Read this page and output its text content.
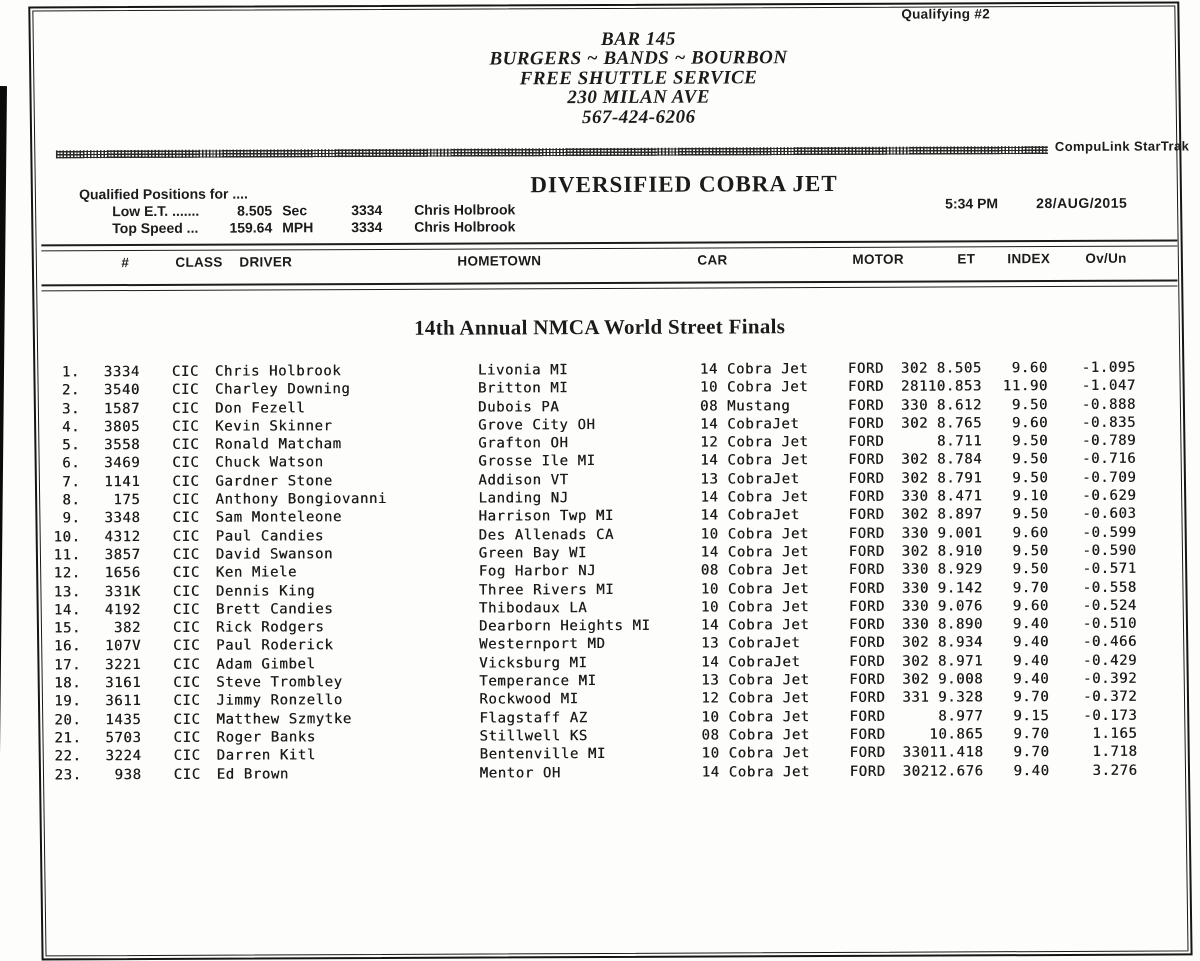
Qualifying #2
BAR 145
BURGERS ~ BANDS ~ BOURBON
FREE SHUTTLE SERVICE
230 MILAN AVE
567-424-6206
CompuLink StarTrak
Qualified Positions for ....
Low E.T. .......	8.505 Sec	3334 Chris Holbrook
Top Speed ...	159.64 MPH	3334 Chris Holbrook
DIVERSIFIED COBRA JET
5:34 PM	28/AUG/2015
#	CLASS DRIVER	HOMETOWN	CAR	MOTOR	ET INDEX	Ov/Un
14th Annual NMCA World Street Finals
1.	3334 CIC Chris Holbrook	Livonia MI	14 Cobra Jet	FORD 302 8.505	9.60	-1.095
2.	3540 CIC Charley Downing	Britton MI	10 Cobra Jet	FORD 281 10.853	11.90	-1.047
3.	1587 CIC Don Fezell	Dubois PA	08 Mustang	FORD 330 8.612	9.50	-0.888
4.	3805 CIC Kevin Skinner	Grove City OH	14 CobraJet	FORD 302 8.765	9.60	-0.835
5.	3558 CIC Ronald Matcham	Grafton OH	12 Cobra Jet	FORD	8.711	9.50	-0.789
6.	3469 CIC Chuck Watson	Grosse Ile MI	14 Cobra Jet	FORD 302 8.784	9.50	-0.716
7.	1141 CIC Gardner Stone	Addison VT	13 CobraJet	FORD 302 8.791	9.50	-0.709
8.	175 CIC Anthony Bongiovanni	Landing NJ	14 Cobra Jet	FORD 330 8.471	9.10	-0.629
9.	3348 CIC Sam Monteleone	Harrison Twp MI	14 CobraJet	FORD 302 8.897	9.50	-0.603
10.	4312 CIC Paul Candies	Des Allenads CA	10 Cobra Jet	FORD 330 9.001	9.60	-0.599
11.	3857 CIC David Swanson	Green Bay WI	14 Cobra Jet	FORD 302 8.910	9.50	-0.590
12.	1656 CIC Ken Miele	Fog Harbor NJ	08 Cobra Jet	FORD 330 8.929	9.50	-0.571
13.	331K CIC Dennis King	Three Rivers MI	10 Cobra Jet	FORD 330 9.142	9.70	-0.558
14.	4192 CIC Brett Candies	Thibodaux LA	10 Cobra Jet	FORD 330 9.076	9.60	-0.524
15.	382 CIC Rick Rodgers	Dearborn Heights MI	14 Cobra Jet	FORD 330 8.890	9.40	-0.510
16.	107V CIC Paul Roderick	Westernport MD	13 CobraJet	FORD 302 8.934	9.40	-0.466
17.	3221 CIC Adam Gimbel	Vicksburg MI	14 CobraJet	FORD 302 8.971	9.40	-0.429
18.	3161 CIC Steve Trombley	Temperance MI	13 Cobra Jet	FORD 302 9.008	9.40	-0.392
19.	3611 CIC Jimmy Ronzello	Rockwood MI	12 Cobra Jet	FORD 331 9.328	9.70	-0.372
20.	1435 CIC Matthew Szmytke	Flagstaff AZ	10 Cobra Jet	FORD	8.977	9.15	-0.173
21.	5703 CIC Roger Banks	Stillwell KS	08 Cobra Jet	FORD	10.865	9.70	1.165
22.	3224 CIC Darren Kitl	Bentenville MI	10 Cobra Jet	FORD 330 11.418	9.70	1.718
23.	938 CIC Ed Brown	Mentor OH	14 Cobra Jet	FORD 302 12.676	9.40	3.276
